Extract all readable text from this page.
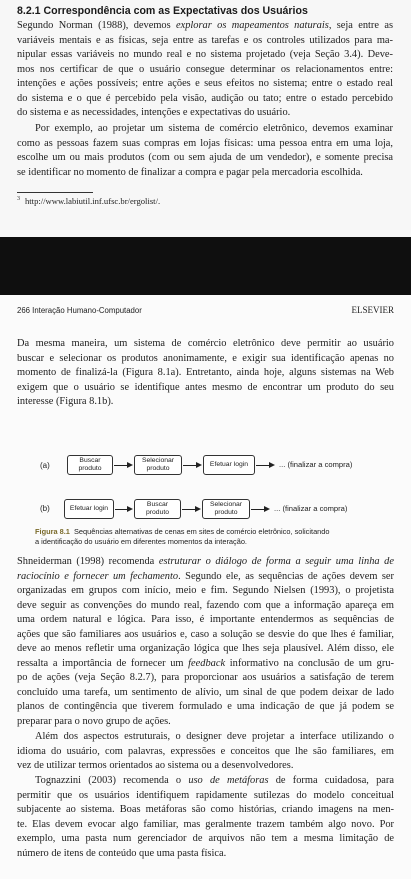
8.2.1 Correspondência com as Expectativas dos Usuários
Segundo Norman (1988), devemos explorar os mapeamentos naturais, seja entre as
variáveis mentais e as físicas, seja entre as tarefas e os controles utilizados para ma-
nipular essas variáveis no mundo real e no sistema projetado (veja Seção 3.4). Deve-
mos nos certificar de que o usuário consegue determinar os relacionamentos entre:
intenções e ações possíveis; entre ações e seus efeitos no sistema; entre o estado real
do sistema e o que é percebido pela visão, audição ou tato; entre o estado percebido
do sistema e as necessidades, intenções e expectativas do usuário.
Por exemplo, ao projetar um sistema de comércio eletrônico, devemos examinar
como as pessoas fazem suas compras em lojas físicas: uma pessoa entra em uma loja,
escolhe um ou mais produtos (com ou sem ajuda de um vendedor), e somente precisa
se identificar no momento de finalizar a compra e pagar pela mercadoria escolhida.

$^3$ http://www.labiutil.inf.ufsc.br/ergolist/.

266 Interação Humano-Computador	ELSEVIER
Da mesma maneira, um sistema de comércio eletrônico deve permitir ao usuário
buscar e selecionar os produtos anonimamente, e exigir sua identificação apenas no
momento de finalizá-la (Figura 8.1a). Entretanto, ainda hoje, alguns sistemas na Web
exigem que o usuário se identifique antes mesmo de encontrar um produto do seu
interesse (Figura 8.1b).
(a)
Buscar
produto
Selecionar
produto
Efetuar login	... (finalizar a compra)
(b)	Efetuar login
Buscar
produto
Selecionar
produto	... (finalizar a compra)

Figura 8.1 Sequências alternativas de cenas em sites de comércio eletrônico, solicitando
a identificação do usuário em diferentes momentos da interação.

Shneiderman (1998) recomenda estruturar o diálogo de forma a seguir uma linha de
raciocínio e fornecer um fechamento. Segundo ele, as sequências de ações devem ser
organizadas em grupos com início, meio e fim. Segundo Nielsen (1993), o projetista
deve seguir as convenções do mundo real, fazendo com que a informação apareça em
uma ordem natural e lógica. Para isso, é importante entendermos as sequências de
ações que são familiares aos usuários e, caso a solução se desvie do que lhes é familiar,
deve ao menos refletir uma organização lógica que lhes seja plausível. Além disso, ele
ressalta a importância de fornecer um feedback informativo na conclusão de um gru-
po de ações (veja Seção 8.2.7), para proporcionar aos usuários a satisfação de terem
concluído uma tarefa, um sentimento de alívio, um sinal de que podem deixar de lado
planos de contingência que tiverem formulado e uma indicação de que já podem se
preparar para o novo grupo de ações.
Além dos aspectos estruturais, o designer deve projetar a interface utilizando o
idioma do usuário, com palavras, expressões e conceitos que lhe são familiares, em
vez de utilizar termos orientados ao sistema ou a desenvolvedores.
Tognazzini (2003) recomenda o uso de metáforas de forma cuidadosa, para
permitir que os usuários identifiquem rapidamente sutilezas do modelo conceitual
subjacente ao sistema. Boas metáforas são como histórias, criando imagens na men-
te. Elas devem evocar algo familiar, mas geralmente trazem também algo novo. Por
exemplo, uma pasta num gerenciador de arquivos não tem a mesma limitação de
número de itens de conteúdo que uma pasta física.
